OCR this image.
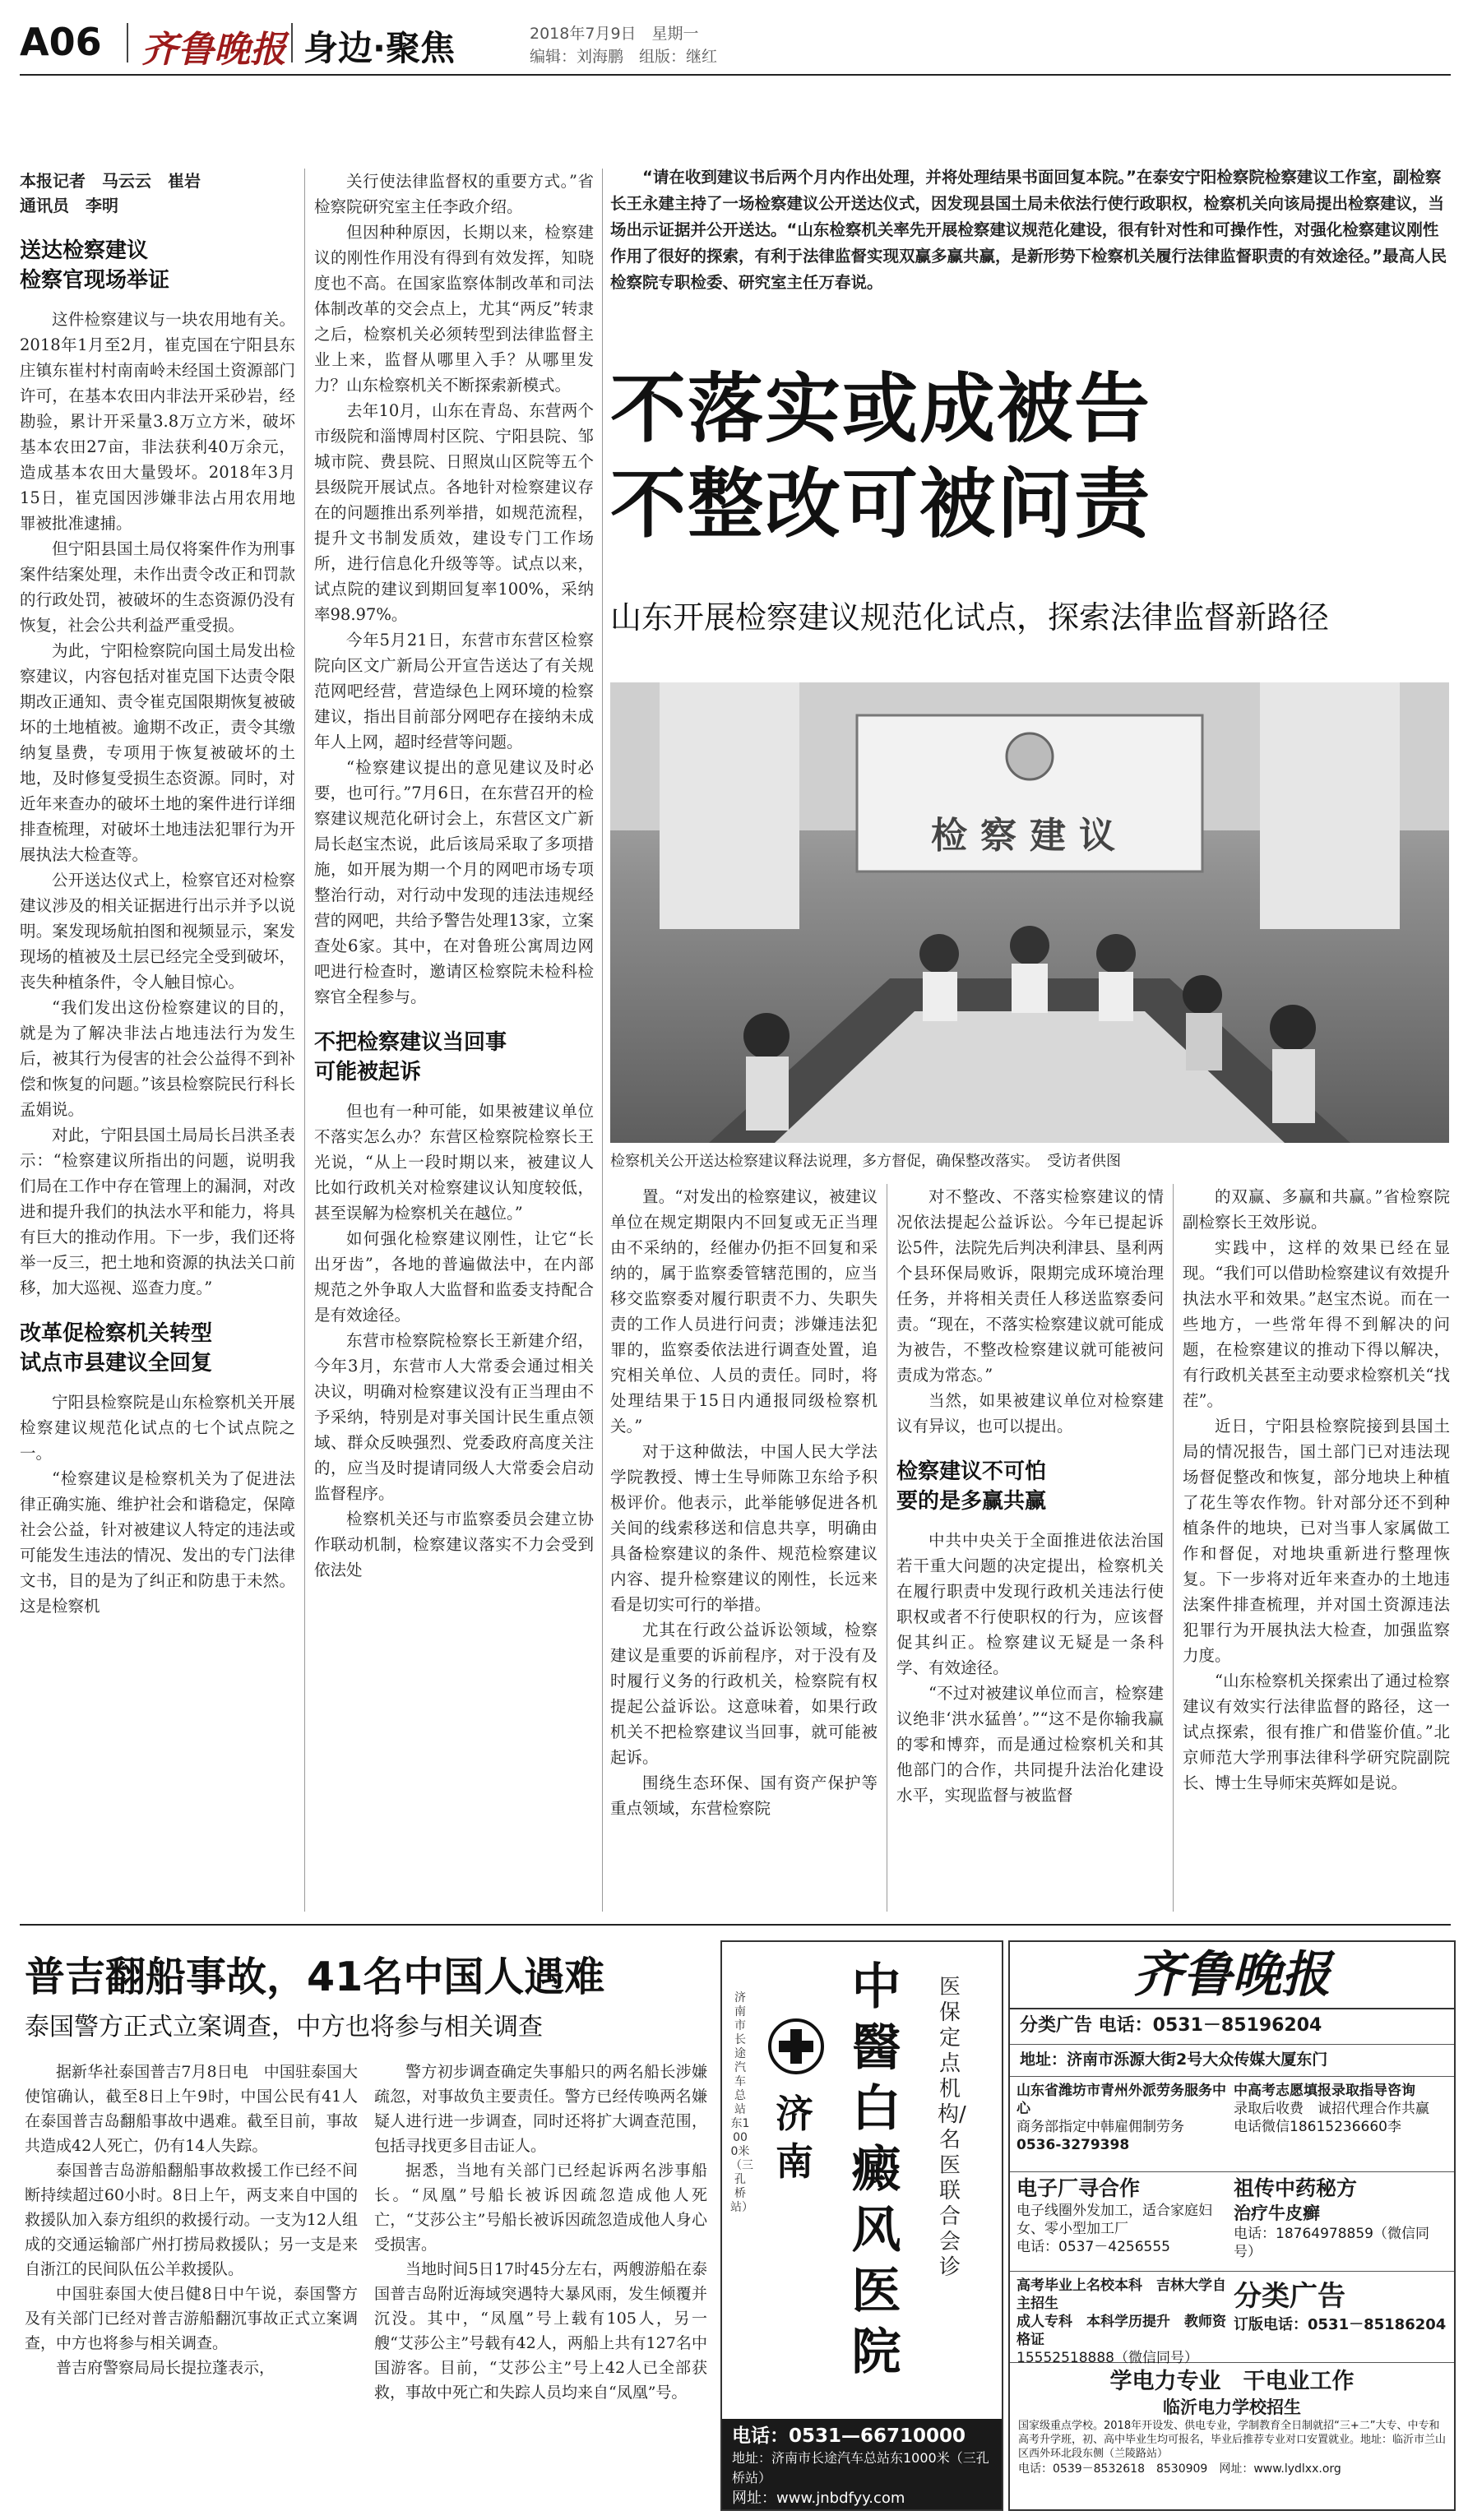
A06 齐鲁晚报 身边·聚焦	2018年7月9日　星期一
编辑：刘海鹏　组版：继红
本报记者　马云云　崔岩
通讯员　李明
送达检察建议
检察官现场举证

这件检察建议与一块农用地有关。2018年1月至2月，崔克国在宁阳县东庄镇东崔村村南南岭未经国土资源部门许可，在基本农田内非法开采砂岩，经勘验，累计开采量3.8万立方米，破坏基本农田27亩，非法获利40万余元，造成基本农田大量毁坏。2018年3月15日，崔克国因涉嫌非法占用农用地罪被批准逮捕。

但宁阳县国土局仅将案件作为刑事案件结案处理，未作出责令改正和罚款的行政处罚，被破坏的生态资源仍没有恢复，社会公共利益严重受损。

为此，宁阳检察院向国土局发出检察建议，内容包括对崔克国下达责令限期改正通知、责令崔克国限期恢复被破坏的土地植被。逾期不改正，责令其缴纳复垦费，专项用于恢复被破坏的土地，及时修复受损生态资源。同时，对近年来查办的破坏土地的案件进行详细排查梳理，对破坏土地违法犯罪行为开展执法大检查等。

公开送达仪式上，检察官还对检察建议涉及的相关证据进行出示并予以说明。案发现场航拍图和视频显示，案发现场的植被及土层已经完全受到破坏，丧失种植条件，令人触目惊心。

“我们发出这份检察建议的目的，就是为了解决非法占地违法行为发生后，被其行为侵害的社会公益得不到补偿和恢复的问题。”该县检察院民行科长孟娟说。

对此，宁阳县国土局局长吕洪圣表示：“检察建议所指出的问题，说明我们局在工作中存在管理上的漏洞，对改进和提升我们的执法水平和能力，将具有巨大的推动作用。下一步，我们还将举一反三，把土地和资源的执法关口前移，加大巡视、巡查力度。”

改革促检察机关转型
试点市县建议全回复

宁阳县检察院是山东检察机关开展检察建议规范化试点的七个试点院之一。

“检察建议是检察机关为了促进法律正确实施、维护社会和谐稳定，保障社会公益，针对被建议人特定的违法或可能发生违法的情况、发出的专门法律文书，目的是为了纠正和防患于未然。这是检察机

关行使法律监督权的重要方式。”省检察院研究室主任李政介绍。

但因种种原因，长期以来，检察建议的刚性作用没有得到有效发挥，知晓度也不高。在国家监察体制改革和司法体制改革的交会点上，尤其“两反”转隶之后，检察机关必须转型到法律监督主业上来，监督从哪里入手？从哪里发力？山东检察机关不断探索新模式。

去年10月，山东在青岛、东营两个市级院和淄博周村区院、宁阳县院、邹城市院、费县院、日照岚山区院等五个县级院开展试点。各地针对检察建议存在的问题推出系列举措，如规范流程，提升文书制发质效，建设专门工作场所，进行信息化升级等等。试点以来，试点院的建议到期回复率100%，采纳率98.97%。

今年5月21日，东营市东营区检察院向区文广新局公开宣告送达了有关规范网吧经营，营造绿色上网环境的检察建议，指出目前部分网吧存在接纳未成年人上网，超时经营等问题。

“检察建议提出的意见建议及时必要，也可行。”7月6日，在东营召开的检察建议规范化研讨会上，东营区文广新局长赵宝杰说，此后该局采取了多项措施，如开展为期一个月的网吧市场专项整治行动，对行动中发现的违法违规经营的网吧，共给予警告处理13家，立案查处6家。其中，在对鲁班公寓周边网吧进行检查时，邀请区检察院未检科检察官全程参与。

不把检察建议当回事
可能被起诉

但也有一种可能，如果被建议单位不落实怎么办？东营区检察院检察长王光说，“从上一段时期以来，被建议人比如行政机关对检察建议认知度较低，甚至误解为检察机关在越位。”

如何强化检察建议刚性，让它“长出牙齿”，各地的普遍做法中，在内部规范之外争取人大监督和监委支持配合是有效途径。

东营市检察院检察长王新建介绍，今年3月，东营市人大常委会通过相关决议，明确对检察建议没有正当理由不予采纳，特别是对事关国计民生重点领域、群众反映强烈、党委政府高度关注的，应当及时提请同级人大常委会启动监督程序。

检察机关还与市监察委员会建立协作联动机制，检察建议落实不力会受到依法处

“请在收到建议书后两个月内作出处理，并将处理结果书面回复本院。”在泰安宁阳检察院检察建议工作室，副检察长王永建主持了一场检察建议公开送达仪式，因发现县国土局未依法行使行政职权，检察机关向该局提出检察建议，当场出示证据并公开送达。“山东检察机关率先开展检察建议规范化建设，很有针对性和可操作性，对强化检察建议刚性作用了很好的探索，有利于法律监督实现双赢多赢共赢，是新形势下检察机关履行法律监督职责的有效途径。”最高人民检察院专职检委、研究室主任万春说。
不落实或成被告
不整改可被问责
山东开展检察建议规范化试点，探索法律监督新路径
检察建议
检察机关公开送达检察建议释法说理，多方督促，确保整改落实。　受访者供图

置。“对发出的检察建议，被建议单位在规定期限内不回复或无正当理由不采纳的，经催办仍拒不回复和采纳的，属于监察委管辖范围的，应当移交监察委对履行职责不力、失职失责的工作人员进行问责；涉嫌违法犯罪的，监察委依法进行调查处置，追究相关单位、人员的责任。同时，将处理结果于15日内通报同级检察机关。”

对于这种做法，中国人民大学法学院教授、博士生导师陈卫东给予积极评价。他表示，此举能够促进各机关间的线索移送和信息共享，明确由具备检察建议的条件、规范检察建议内容、提升检察建议的刚性，长远来看是切实可行的举措。

尤其在行政公益诉讼领域，检察建议是重要的诉前程序，对于没有及时履行义务的行政机关，检察院有权提起公益诉讼。这意味着，如果行政机关不把检察建议当回事，就可能被起诉。

围绕生态环保、国有资产保护等重点领域，东营检察院

对不整改、不落实检察建议的情况依法提起公益诉讼。今年已提起诉讼5件，法院先后判决利津县、垦利两个县环保局败诉，限期完成环境治理任务，并将相关责任人移送监察委问责。“现在，不落实检察建议就可能成为被告，不整改检察建议就可能被问责成为常态。”

当然，如果被建议单位对检察建议有异议，也可以提出。

检察建议不可怕
要的是多赢共赢

中共中央关于全面推进依法治国若干重大问题的决定提出，检察机关在履行职责中发现行政机关违法行使职权或者不行使职权的行为，应该督促其纠正。检察建议无疑是一条科学、有效途径。

“不过对被建议单位而言，检察建议绝非‘洪水猛兽’。”“这不是你输我赢的零和博弈，而是通过检察机关和其他部门的合作，共同提升法治化建设水平，实现监督与被监督

的双赢、多赢和共赢。”省检察院副检察长王效彤说。

实践中，这样的效果已经在显现。“我们可以借助检察建议有效提升执法水平和效果。”赵宝杰说。而在一些地方，一些常年得不到解决的问题，在检察建议的推动下得以解决，有行政机关甚至主动要求检察机关“找茬”。

近日，宁阳县检察院接到县国土局的情况报告，国土部门已对违法现场督促整改和恢复，部分地块上种植了花生等农作物。针对部分还不到种植条件的地块，已对当事人家属做工作和督促，对地块重新进行整理恢复。下一步将对近年来查办的土地违法案件排查梳理，并对国土资源违法犯罪行为开展执法大检查，加强监察力度。

“山东检察机关探索出了通过检察建议有效实行法律监督的路径，这一试点探索，很有推广和借鉴价值。”北京师范大学刑事法律科学研究院副院长、博士生导师宋英辉如是说。

普吉翻船事故，41名中国人遇难
泰国警方正式立案调查，中方也将参与相关调查

据新华社泰国普吉7月8日电　中国驻泰国大使馆确认，截至8日上午9时，中国公民有41人在泰国普吉岛翻船事故中遇难。截至目前，事故共造成42人死亡，仍有14人失踪。

泰国普吉岛游船翻船事故救援工作已经不间断持续超过60小时。8日上午，两支来自中国的救援队加入泰方组织的救援行动。一支为12人组成的交通运输部广州打捞局救援队；另一支是来自浙江的民间队伍公羊救援队。

中国驻泰国大使吕健8日中午说，泰国警方及有关部门已经对普吉游船翻沉事故正式立案调查，中方也将参与相关调查。

普吉府警察局局长提拉蓬表示，

警方初步调查确定失事船只的两名船长涉嫌疏忽，对事故负主要责任。警方已经传唤两名嫌疑人进行进一步调查，同时还将扩大调查范围，包括寻找更多目击证人。

据悉，当地有关部门已经起诉两名涉事船长。“凤凰”号船长被诉因疏忽造成他人死亡，“艾莎公主”号船长被诉因疏忽造成他人身心受损害。

当地时间5日17时45分左右，两艘游船在泰国普吉岛附近海域突遇特大暴风雨，发生倾覆并沉没。其中，“凤凰”号上载有105人，另一艘“艾莎公主”号载有42人，两船上共有127名中国游客。目前，“艾莎公主”号上42人已全部获救，事故中死亡和失踪人员均来自“凤凰”号。

济南市长途汽车总站东1000米（三孔桥站）
济南
中
醫
白
癜
风
医
院
医保定点机构/名医联合会诊
电话：0531—66710000
地址：济南市长途汽车总站东1000米（三孔桥站）
网址：www.jnbdfyy.com
齐鲁晚报
分类广告 电话：0531－85196204
地址：济南市泺源大街2号大众传媒大厦东门
山东省潍坊市青州外派劳务服务中心
商务部指定中韩雇佣制劳务
0536-3279398
中高考志愿填报录取指导咨询
录取后收费　诚招代理合作共赢
电话微信18615236660李
电子厂寻合作
电子线圈外发加工，适合家庭妇女、零小型加工厂
电话：0537－4256555
祖传中药秘方
治疗牛皮癣
电话：18764978859（微信同号）
高考毕业上名校本科　吉林大学自主招生
成人专科　本科学历提升　教师资格证
15552518888（微信同号）
分类广告
订版电话：0531－85186204
学电力专业　干电业工作
临沂电力学校招生
国家级重点学校。2018年开设发、供电专业，学制教育全日制就招“三+二”大专、中专和高考升学班，初、高中毕业生均可报名，毕业后推荐专业对口安置就业。地址：临沂市兰山区西外环北段东侧（兰陵路站）
电话：0539－8532618　8530909　网址：www.lydlxx.org
